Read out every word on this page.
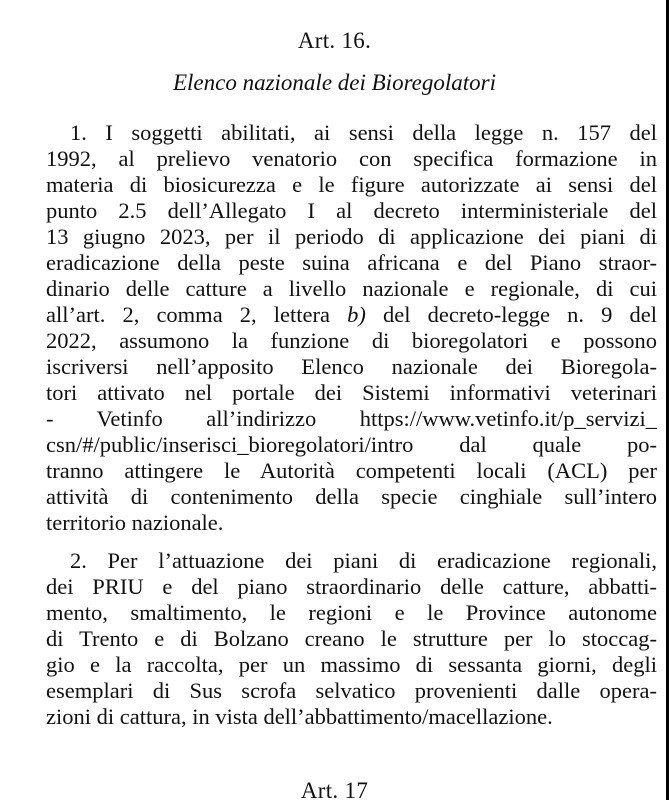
Art. 16.
Elenco nazionale dei Bioregolatori
1. I soggetti abilitati, ai sensi della legge n. 157 del
1992, al prelievo venatorio con specifica formazione in
materia di biosicurezza e le figure autorizzate ai sensi del
punto 2.5 dell’Allegato I al decreto interministeriale del
13 giugno 2023, per il periodo di applicazione dei piani di
eradicazione della peste suina africana e del Piano straor-
dinario delle catture a livello nazionale e regionale, di cui
all’art. 2, comma 2, lettera b) del decreto-legge n. 9 del
2022, assumono la funzione di bioregolatori e possono
iscriversi nell’apposito Elenco nazionale dei Bioregola-
tori attivato nel portale dei Sistemi informativi veterinari
- Vetinfo all’indirizzo https://www.vetinfo.it/p_servizi_
csn/#/public/inserisci_bioregolatori/intro dal quale po-
tranno attingere le Autorità competenti locali (ACL) per
attività di contenimento della specie cinghiale sull’intero
territorio nazionale.
2. Per l’attuazione dei piani di eradicazione regionali,
dei PRIU e del piano straordinario delle catture, abbatti-
mento, smaltimento, le regioni e le Province autonome
di Trento e di Bolzano creano le strutture per lo stoccag-
gio e la raccolta, per un massimo di sessanta giorni, degli
esemplari di Sus scrofa selvatico provenienti dalle opera-
zioni di cattura, in vista dell’abbattimento/macellazione.
Art. 17
